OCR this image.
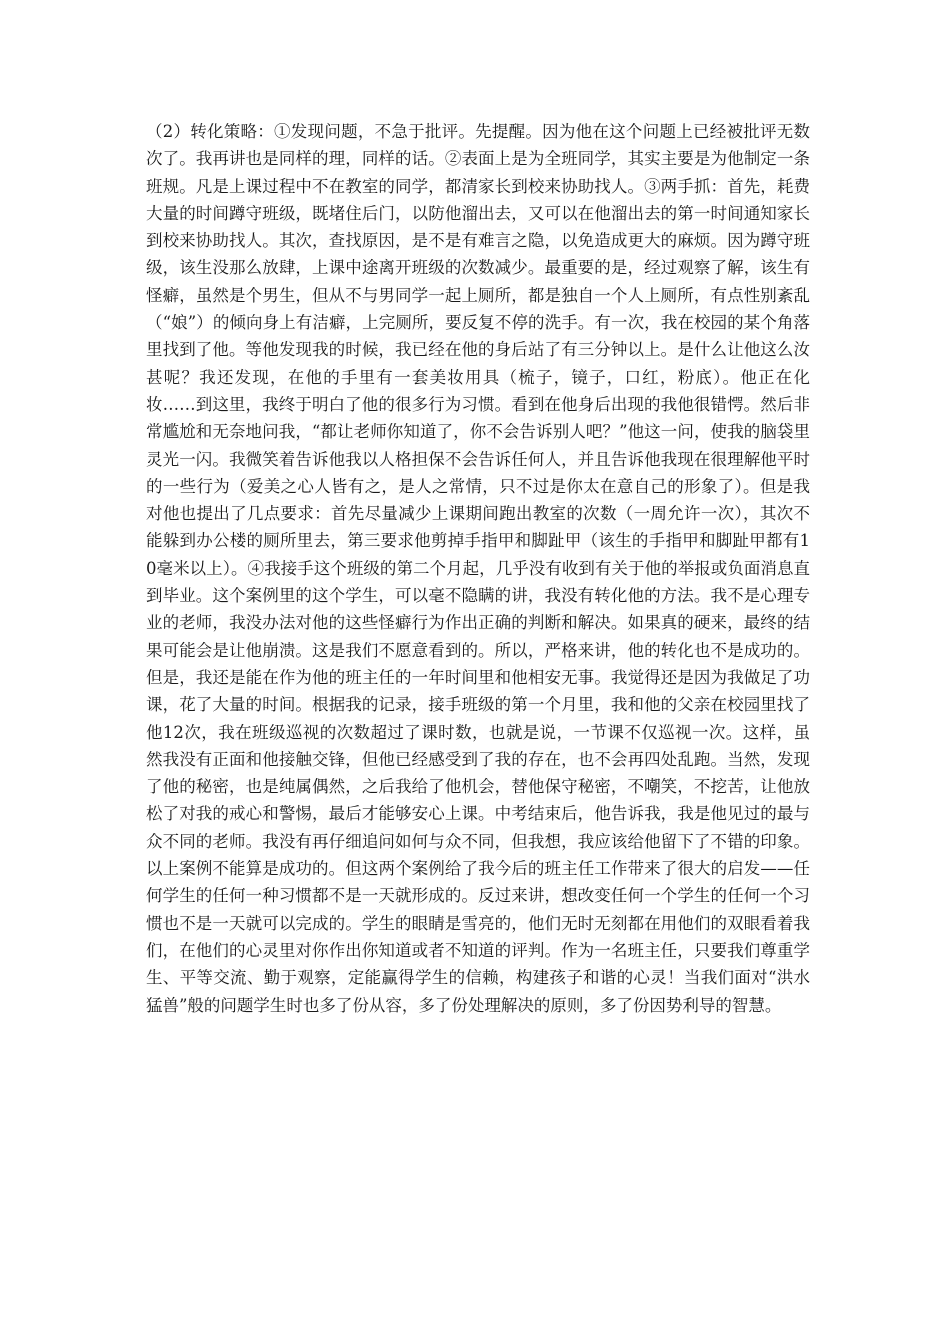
（2）转化策略：①发现问题，不急于批评。先提醒。因为他在这个问题上已经被批评无数次了。我再讲也是同样的理，同样的话。②表面上是为全班同学，其实主要是为他制定一条班规。凡是上课过程中不在教室的同学，都清家长到校来协助找人。③两手抓：首先，耗费大量的时间蹲守班级，既堵住后门，以防他溜出去，又可以在他溜出去的第一时间通知家长到校来协助找人。其次，查找原因，是不是有难言之隐，以免造成更大的麻烦。因为蹲守班级，该生没那么放肆，上课中途离开班级的次数减少。最重要的是，经过观察了解，该生有怪癖，虽然是个男生，但从不与男同学一起上厕所，都是独自一个人上厕所，有点性别紊乱（“娘”）的倾向身上有洁癖，上完厕所，要反复不停的洗手。有一次，我在校园的某个角落里找到了他。等他发现我的时候，我已经在他的身后站了有三分钟以上。是什么让他这么汝甚呢？我还发现，在他的手里有一套美妆用具（梳子，镜子，口红，粉底）。他正在化妆……到这里，我终于明白了他的很多行为习惯。看到在他身后出现的我他很错愕。然后非常尴尬和无奈地问我，“都让老师你知道了，你不会告诉别人吧？”他这一问，使我的脑袋里灵光一闪。我微笑着告诉他我以人格担保不会告诉任何人，并且告诉他我现在很理解他平时的一些行为（爱美之心人皆有之，是人之常情，只不过是你太在意自己的形象了）。但是我对他也提出了几点要求：首先尽量减少上课期间跑出教室的次数（一周允许一次），其次不能躲到办公楼的厕所里去，第三要求他剪掉手指甲和脚趾甲（该生的手指甲和脚趾甲都有10毫米以上）。④我接手这个班级的第二个月起，几乎没有收到有关于他的举报或负面消息直到毕业。这个案例里的这个学生，可以毫不隐瞒的讲，我没有转化他的方法。我不是心理专业的老师，我没办法对他的这些怪癖行为作出正确的判断和解决。如果真的硬来，最终的结果可能会是让他崩溃。这是我们不愿意看到的。所以，严格来讲，他的转化也不是成功的。但是，我还是能在作为他的班主任的一年时间里和他相安无事。我觉得还是因为我做足了功课，花了大量的时间。根据我的记录，接手班级的第一个月里，我和他的父亲在校园里找了他12次，我在班级巡视的次数超过了课时数，也就是说，一节课不仅巡视一次。这样，虽然我没有正面和他接触交锋，但他已经感受到了我的存在，也不会再四处乱跑。当然，发现了他的秘密，也是纯属偶然，之后我给了他机会，替他保守秘密，不嘲笑，不挖苦，让他放松了对我的戒心和警惕，最后才能够安心上课。中考结束后，他告诉我，我是他见过的最与众不同的老师。我没有再仔细追问如何与众不同，但我想，我应该给他留下了不错的印象。以上案例不能算是成功的。但这两个案例给了我今后的班主任工作带来了很大的启发——任何学生的任何一种习惯都不是一天就形成的。反过来讲，想改变任何一个学生的任何一个习惯也不是一天就可以完成的。学生的眼睛是雪亮的，他们无时无刻都在用他们的双眼看着我们，在他们的心灵里对你作出你知道或者不知道的评判。作为一名班主任，只要我们尊重学生、平等交流、勤于观察，定能赢得学生的信赖，构建孩子和谐的心灵！当我们面对“洪水猛兽”般的问题学生时也多了份从容，多了份处理解决的原则，多了份因势利导的智慧。
